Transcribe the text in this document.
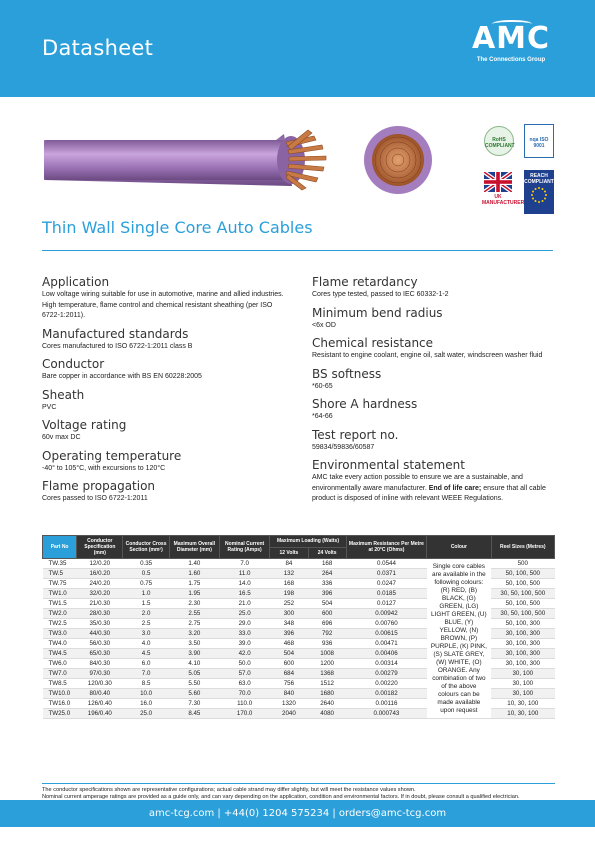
Datasheet	AMC
The Connections Group
RoHS COMPLIANT
nqa ISO 9001
UK MANUFACTURER
REACH COMPLIANT
Thin Wall Single Core Auto Cables
Application
Low voltage wiring suitable for use in automotive, marine and allied industries. High temperature, flame control and chemical resistant sheathing (per ISO 6722-1:2011).
Manufactured standards
Cores manufactured to ISO 6722-1:2011 class B
Conductor
Bare copper in accordance with BS EN 60228:2005
Sheath
PVC
Voltage rating
60v max DC
Operating temperature
-40° to 105°C, with excursions to 120°C
Flame propagation
Cores passed to ISO 6722-1:2011
Flame retardancy
Cores type tested, passed to IEC 60332-1-2
Minimum bend radius
<6x OD
Chemical resistance
Resistant to engine coolant, engine oil, salt water, windscreen washer fluid
BS softness
*60-65
Shore A hardness
*64-66
Test report no.
59834/59836/60587
Environmental statement
AMC take every action possible to ensure we are a sustainable, and environmentally aware manufacturer. End of life care; ensure that all cable product is disposed of inline with relevant WEEE Regulations.
Part No	Conductor Specification (mm)	Conductor Cross Section (mm²)	Maximum Overall Diameter (mm)	Nominal Current Rating (Amps)	Maximum Loading (Watts)		Maximum Resistance Per Metre at 20°C (Ohms)	Colour	Reel Sizes (Metres)
					12 Volts	24 Volts			
TW.35	12/0.20	0.35	1.40	7.0	84	168	0.0544	Single core cables are available in the following colours: (R) RED, (B) BLACK, (G) GREEN, (LG) LIGHT GREEN, (U) BLUE, (Y) YELLOW, (N) BROWN, (P) PURPLE, (K) PINK, (S) SLATE GREY, (W) WHITE, (O) ORANGE. Any combination of two of the above colours can be made available upon request	500
TW.5	16/0.20	0.5	1.60	11.0	132	264	0.0371		50, 100, 500
TW.75	24/0.20	0.75	1.75	14.0	168	336	0.0247		50, 100, 500
TW1.0	32/0.20	1.0	1.95	16.5	198	396	0.0185		30, 50, 100, 500
TW1.5	21/0.30	1.5	2.30	21.0	252	504	0.0127		50, 100, 500
TW2.0	28/0.30	2.0	2.55	25.0	300	600	0.00942		30, 50, 100, 500
TW2.5	35/0.30	2.5	2.75	29.0	348	696	0.00760		50, 100, 300
TW3.0	44/0.30	3.0	3.20	33.0	396	792	0.00615		30, 100, 300
TW4.0	56/0.30	4.0	3.50	39.0	468	936	0.00471		30, 100, 300
TW4.5	65/0.30	4.5	3.90	42.0	504	1008	0.00406		30, 100, 300
TW6.0	84/0.30	6.0	4.10	50.0	600	1200	0.00314		30, 100, 300
TW7.0	97/0.30	7.0	5.05	57.0	684	1368	0.00279		30, 100
TW8.5	120/0.30	8.5	5.50	63.0	756	1512	0.00220		30, 100
TW10.0	80/0.40	10.0	5.60	70.0	840	1680	0.00182		30, 100
TW16.0	126/0.40	16.0	7.30	110.0	1320	2640	0.00116		10, 30, 100
TW25.0	196/0.40	25.0	8.45	170.0	2040	4080	0.000743		10, 30, 100
The conductor specifications shown are representative configurations; actual cable strand may differ slightly, but will meet the resistance values shown.
Nominal current amperage ratings are provided as a guide only, and can vary depending on the application, condition and environmental factors. If in doubt, please consult a qualified electrician.
amc-tcg.com | +44(0) 1204 575234 | orders@amc-tcg.com
